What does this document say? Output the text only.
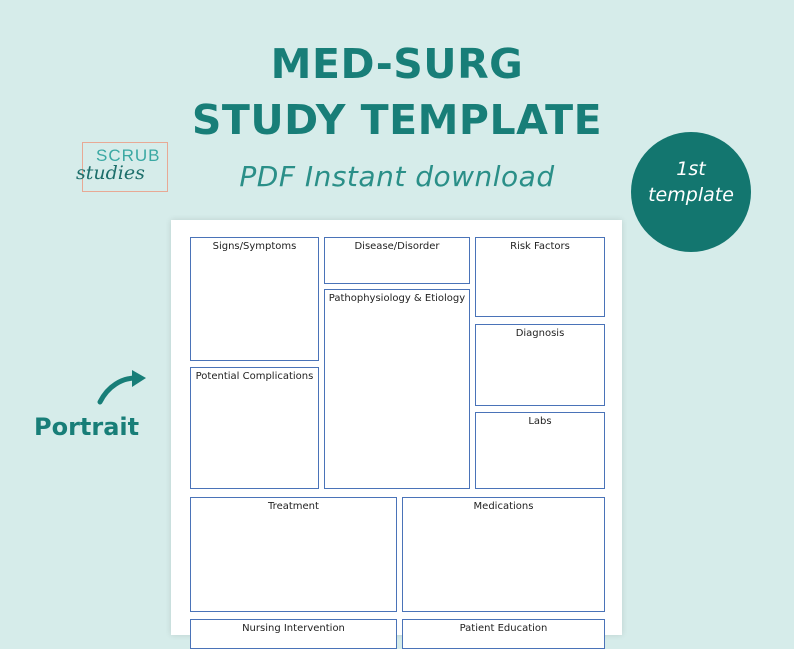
MED-SURG
STUDY TEMPLATE
PDF Instant download
SCRUB
studies	1st
template
Portrait
Signs/Symptoms	Disease/Disorder	Risk Factors
Pathophysiology & Etiology
Diagnosis
Potential Complications
Labs
Treatment	Medications
Nursing Intervention	Patient Education
